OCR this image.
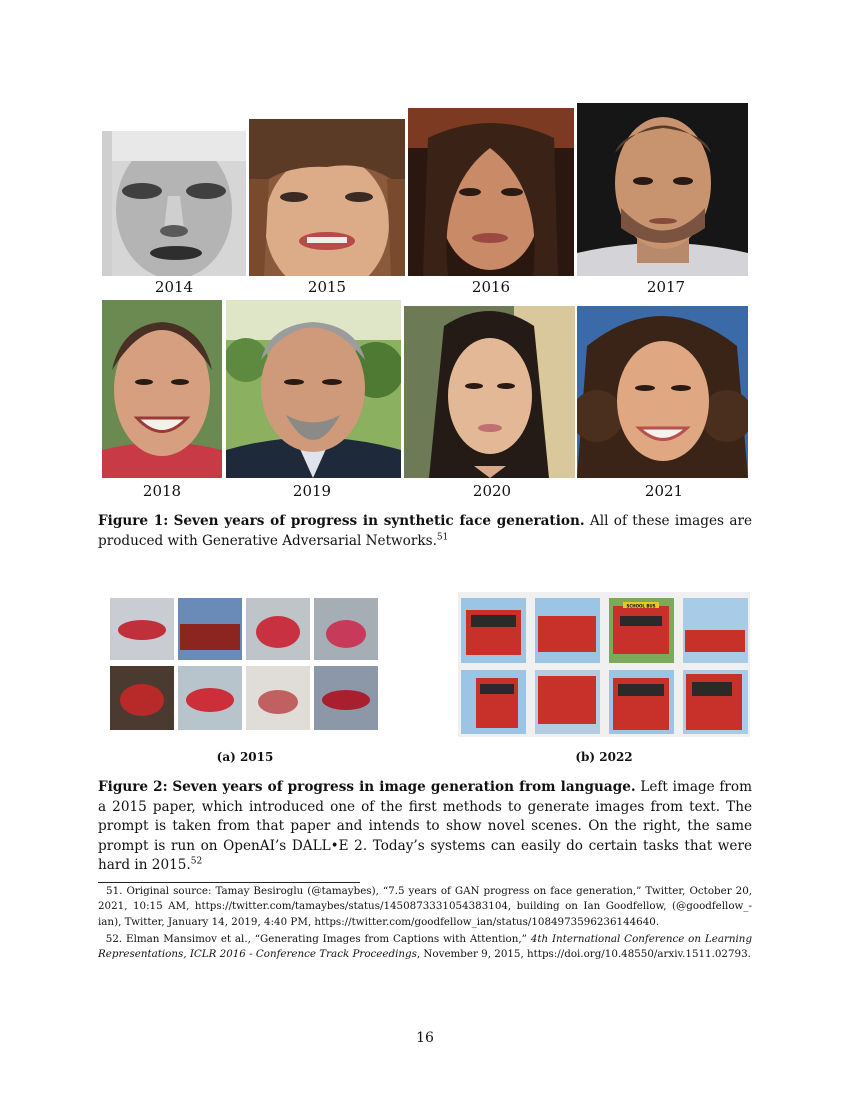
2014	2015	2016	2017
2018	2019	2020	2021
Figure 1: Seven years of progress in synthetic face generation. All of these images are produced with Generative Adversarial Networks.$^{51}$
(a) 2015
SCHOOL BUS
(b) 2022
Figure 2: Seven years of progress in image generation from language. Left image from a 2015 paper, which introduced one of the first methods to generate images from text. The prompt is taken from that paper and intends to show novel scenes. On the right, the same prompt is run on OpenAI’s DALL•E 2. Today’s systems can easily do certain tasks that were hard in 2015.52
51. Original source: Tamay Besiroglu (@tamaybes), “7.5 years of GAN progress on face generation,” Twitter, October 20, 2021, 10:15 AM, https://twitter.com/tamaybes/status/1450873331054383104, building on Ian Goodfellow, (@goodfellow_-ian), Twitter, January 14, 2019, 4:40 PM, https://twitter.com/goodfellow_ian/status/1084973596236144640.
52. Elman Mansimov et al., “Generating Images from Captions with Attention,” 4th International Conference on Learning Representations, ICLR 2016 - Conference Track Proceedings, November 9, 2015, https://doi.org/10.48550/arxiv.1511.02793.
16
